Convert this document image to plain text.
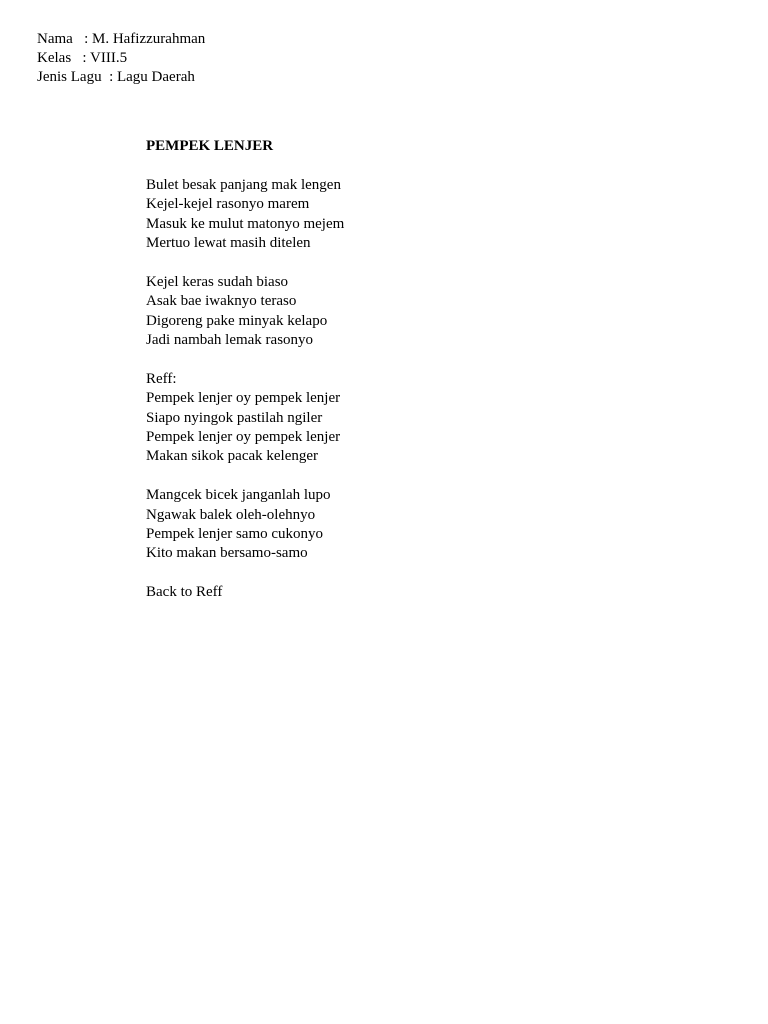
Nama   : M. Hafizzurahman
Kelas   : VIII.5
Jenis Lagu  : Lagu Daerah
PEMPEK LENJER
Bulet besak panjang mak lengen
Kejel-kejel rasonyo marem
Masuk ke mulut matonyo mejem
Mertuo lewat masih ditelen
Kejel keras sudah biaso
Asak bae iwaknyo teraso
Digoreng pake minyak kelapo
Jadi nambah lemak rasonyo
Reff:
Pempek lenjer oy pempek lenjer
Siapo nyingok pastilah ngiler
Pempek lenjer oy pempek lenjer
Makan sikok pacak kelenger
Mangcek bicek janganlah lupo
Ngawak balek oleh-olehnyo
Pempek lenjer samo cukonyo
Kito makan bersamo-samo
Back to Reff
